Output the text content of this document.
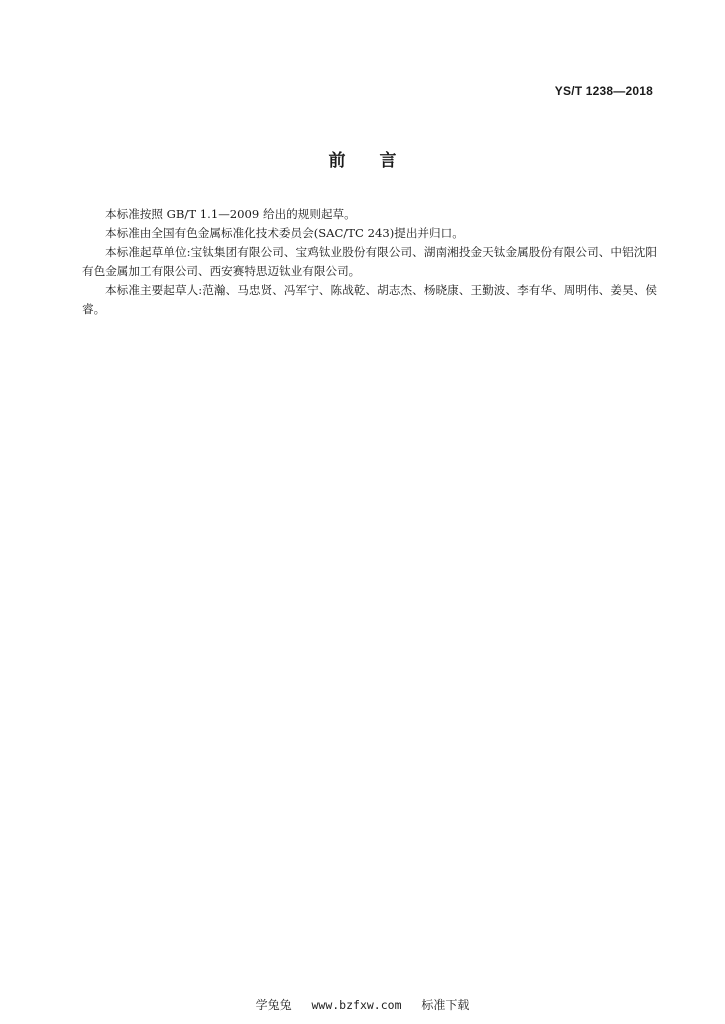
YS/T 1238—2018
前 言

本标准按照 GB/T 1.1—2009 给出的规则起草。

本标准由全国有色金属标准化技术委员会(SAC/TC 243)提出并归口。

本标准起草单位:宝钛集团有限公司、宝鸡钛业股份有限公司、湖南湘投金天钛金属股份有限公司、中铝沈阳有色金属加工有限公司、西安赛特思迈钛业有限公司。

本标准主要起草人:范瀚、马忠贤、冯军宁、陈战乾、胡志杰、杨晓康、王勤波、李有华、周明伟、姜昊、侯睿。

学兔兔 www.bzfxw.com 标准下载
